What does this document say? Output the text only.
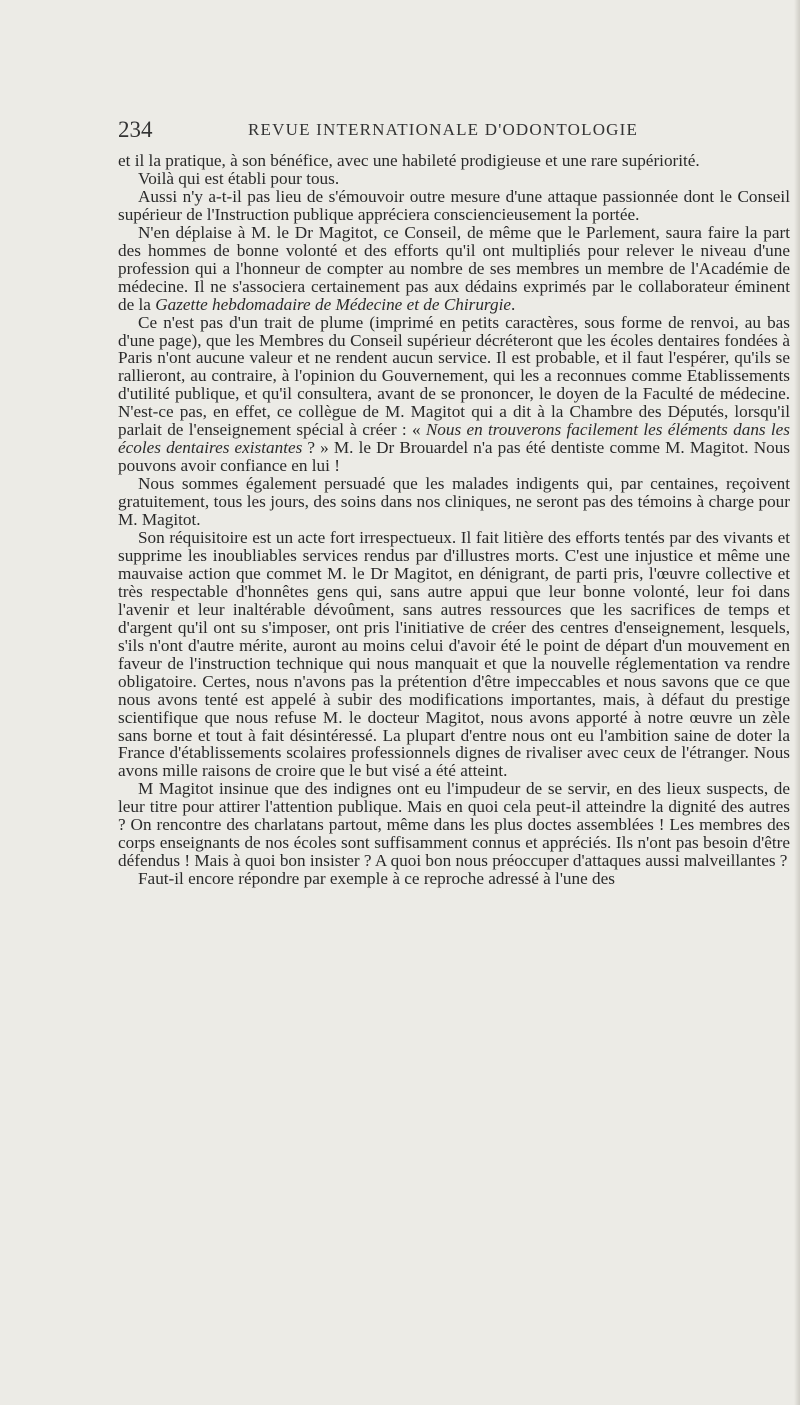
234	REVUE INTERNATIONALE D'ODONTOLOGIE

et il la pratique, à son bénéfice, avec une habileté prodigieuse et une rare supériorité.

Voilà qui est établi pour tous.

Aussi n'y a-t-il pas lieu de s'émouvoir outre mesure d'une attaque passionnée dont le Conseil supérieur de l'Instruction publique appréciera consciencieusement la portée.

N'en déplaise à M. le Dr Magitot, ce Conseil, de même que le Parlement, saura faire la part des hommes de bonne volonté et des efforts qu'il ont multipliés pour relever le niveau d'une profession qui a l'honneur de compter au nombre de ses membres un membre de l'Académie de médecine. Il ne s'associera certainement pas aux dédains exprimés par le collaborateur éminent de la Gazette hebdomadaire de Médecine et de Chirurgie.

Ce n'est pas d'un trait de plume (imprimé en petits caractères, sous forme de renvoi, au bas d'une page), que les Membres du Conseil supérieur décréteront que les écoles dentaires fondées à Paris n'ont aucune valeur et ne rendent aucun service. Il est probable, et il faut l'espérer, qu'ils se rallieront, au contraire, à l'opinion du Gouvernement, qui les a reconnues comme Etablissements d'utilité publique, et qu'il consultera, avant de se prononcer, le doyen de la Faculté de médecine. N'est-ce pas, en effet, ce collègue de M. Magitot qui a dit à la Chambre des Députés, lorsqu'il parlait de l'enseignement spécial à créer : « Nous en trouverons facilement les éléments dans les écoles dentaires existantes ? » M. le Dr Brouardel n'a pas été dentiste comme M. Magitot. Nous pouvons avoir confiance en lui !

Nous sommes également persuadé que les malades indigents qui, par centaines, reçoivent gratuitement, tous les jours, des soins dans nos cliniques, ne seront pas des témoins à charge pour M. Magitot.

Son réquisitoire est un acte fort irrespectueux. Il fait litière des efforts tentés par des vivants et supprime les inoubliables services rendus par d'illustres morts. C'est une injustice et même une mauvaise action que commet M. le Dr Magitot, en dénigrant, de parti pris, l'œuvre collective et très respectable d'honnêtes gens qui, sans autre appui que leur bonne volonté, leur foi dans l'avenir et leur inaltérable dévoûment, sans autres ressources que les sacrifices de temps et d'argent qu'il ont su s'imposer, ont pris l'initiative de créer des centres d'enseignement, lesquels, s'ils n'ont d'autre mérite, auront au moins celui d'avoir été le point de départ d'un mouvement en faveur de l'instruction technique qui nous manquait et que la nouvelle réglementation va rendre obligatoire. Certes, nous n'avons pas la prétention d'être impeccables et nous savons que ce que nous avons tenté est appelé à subir des modifications importantes, mais, à défaut du prestige scientifique que nous refuse M. le docteur Magitot, nous avons apporté à notre œuvre un zèle sans borne et tout à fait désintéressé. La plupart d'entre nous ont eu l'ambition saine de doter la France d'établissements scolaires professionnels dignes de rivaliser avec ceux de l'étranger. Nous avons mille raisons de croire que le but visé a été atteint.

M Magitot insinue que des indignes ont eu l'impudeur de se servir, en des lieux suspects, de leur titre pour attirer l'attention publique. Mais en quoi cela peut-il atteindre la dignité des autres ? On rencontre des charlatans partout, même dans les plus doctes assemblées ! Les membres des corps enseignants de nos écoles sont suffisamment connus et appréciés. Ils n'ont pas besoin d'être défendus ! Mais à quoi bon insister ? A quoi bon nous préoccuper d'attaques aussi malveillantes ?

Faut-il encore répondre par exemple à ce reproche adressé à l'une des
